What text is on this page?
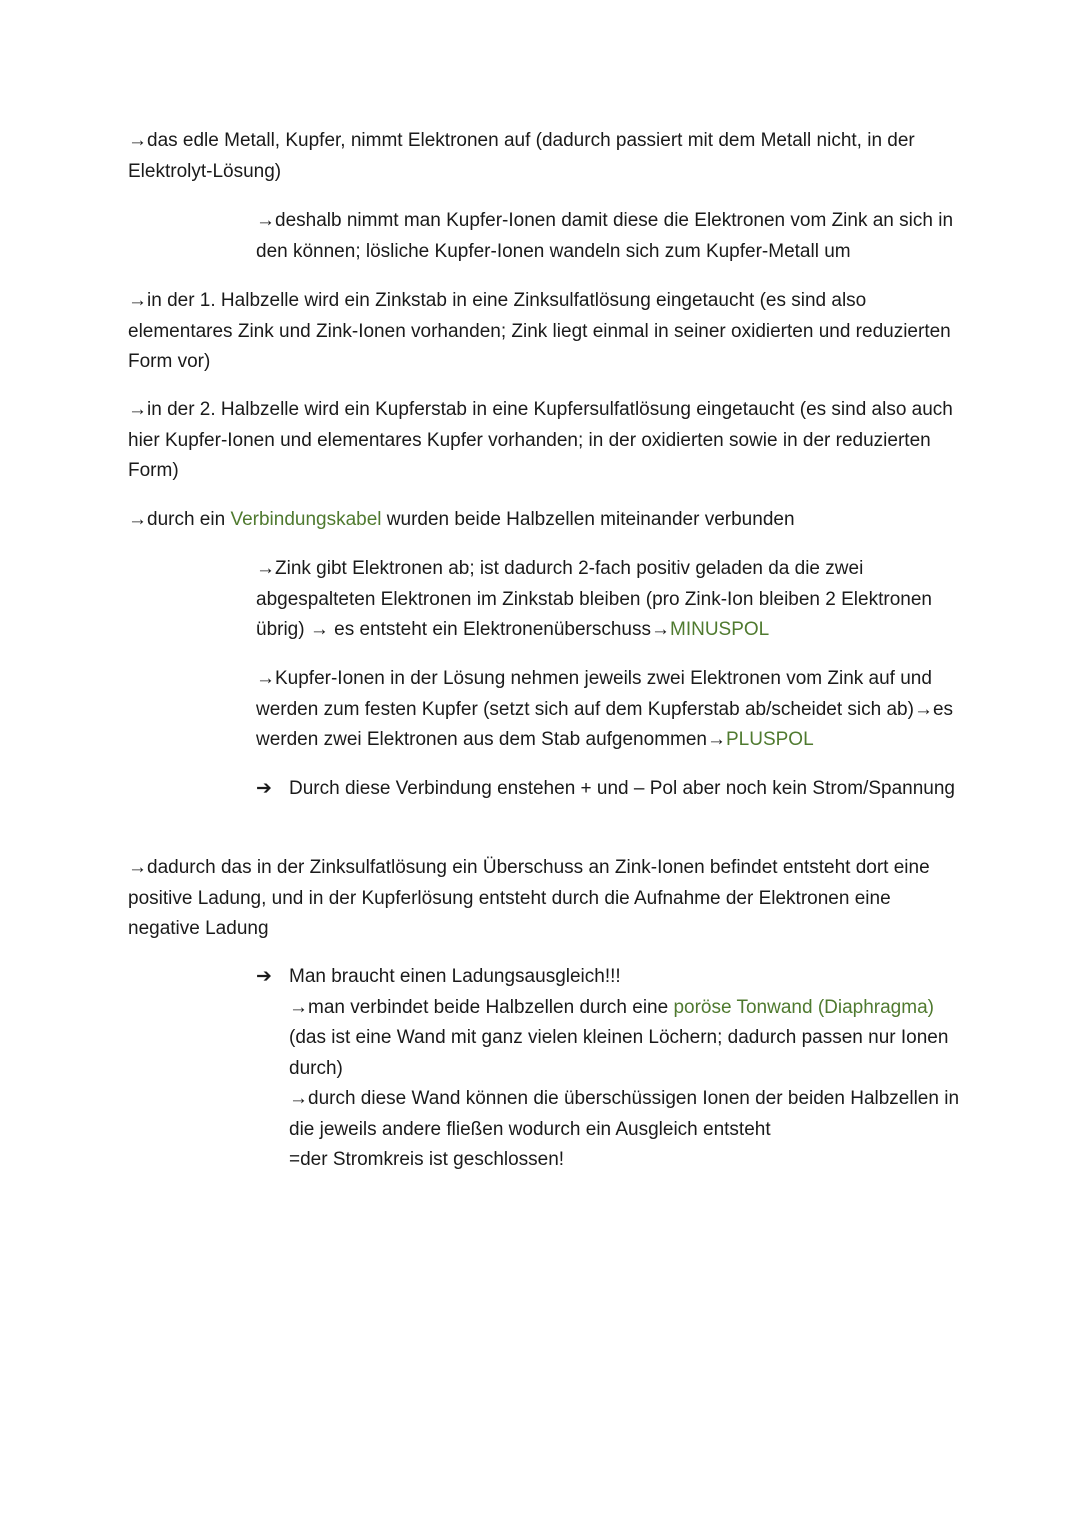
→das edle Metall, Kupfer, nimmt Elektronen auf (dadurch passiert mit dem Metall nicht, in der Elektrolyt-Lösung)

→deshalb nimmt man Kupfer-Ionen damit diese die Elektronen vom Zink an sich in den können; lösliche Kupfer-Ionen wandeln sich zum Kupfer-Metall um

→in der 1. Halbzelle wird ein Zinkstab in eine Zinksulfatlösung eingetaucht (es sind also elementares Zink und Zink-Ionen vorhanden; Zink liegt einmal in seiner oxidierten und reduzierten Form vor)

→in der 2. Halbzelle wird ein Kupferstab in eine Kupfersulfatlösung eingetaucht (es sind also auch hier Kupfer-Ionen und elementares Kupfer vorhanden; in der oxidierten sowie in der reduzierten Form)

→durch ein Verbindungskabel wurden beide Halbzellen miteinander verbunden

→Zink gibt Elektronen ab; ist dadurch 2-fach positiv geladen da die zwei abgespalteten Elektronen im Zinkstab bleiben (pro Zink-Ion bleiben 2 Elektronen übrig) → es entsteht ein Elektronenüberschuss→MINUSPOL

→Kupfer-Ionen in der Lösung nehmen jeweils zwei Elektronen vom Zink auf und werden zum festen Kupfer (setzt sich auf dem Kupferstab ab/scheidet sich ab)→es werden zwei Elektronen aus dem Stab aufgenommen→PLUSPOL

➔ Durch diese Verbindung enstehen + und – Pol aber noch kein Strom/Spannung

→dadurch das in der Zinksulfatlösung ein Überschuss an Zink-Ionen befindet entsteht dort eine positive Ladung, und in der Kupferlösung entsteht durch die Aufnahme der Elektronen eine negative Ladung

➔ Man braucht einen Ladungsausgleich!!!
→man verbindet beide Halbzellen durch eine poröse Tonwand (Diaphragma) (das ist eine Wand mit ganz vielen kleinen Löchern; dadurch passen nur Ionen durch)
→durch diese Wand können die überschüssigen Ionen der beiden Halbzellen in die jeweils andere fließen wodurch ein Ausgleich entsteht
=der Stromkreis ist geschlossen!
